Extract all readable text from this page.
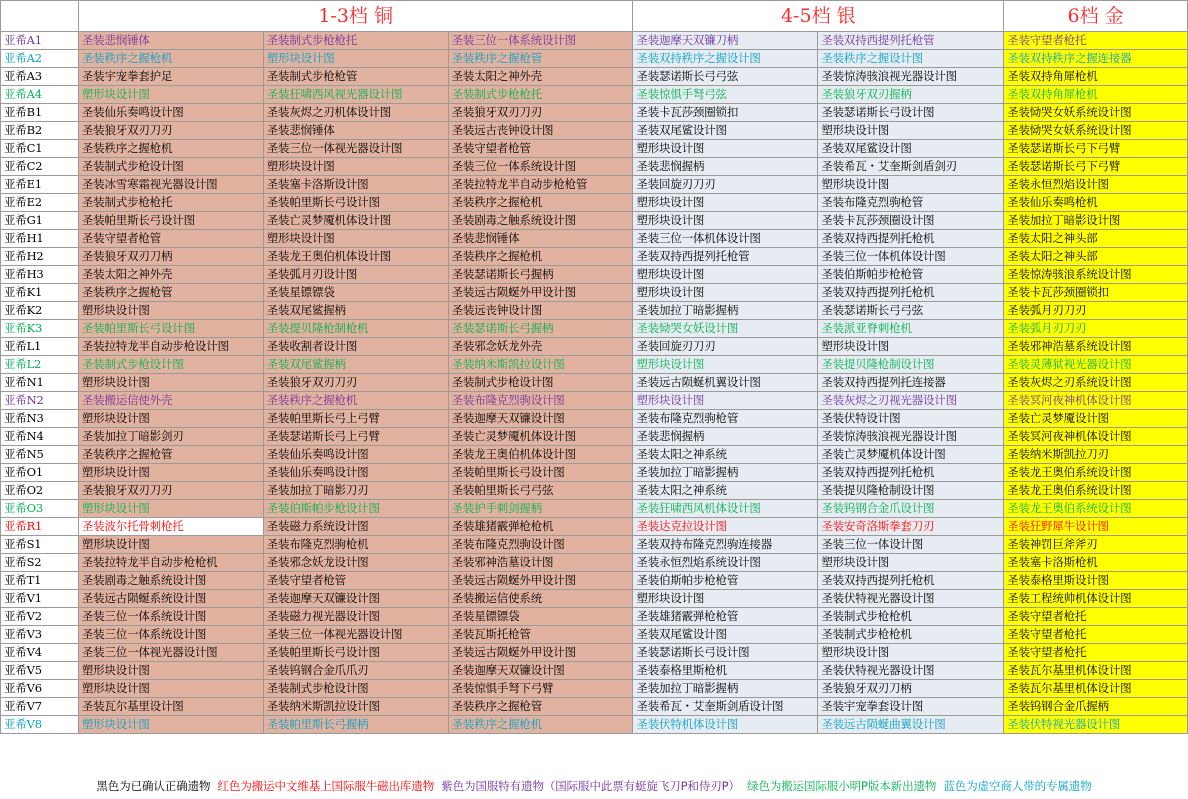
	1-3档 铜			4-5档 银		6档 金
亚希A1	圣装悲悯锤体	圣装制式步枪枪托	圣装三位一体系统设计图	圣装迦摩天双镰刀柄	圣装双持西提列托枪管	圣装守望者枪托
亚希A2	圣装秩序之握枪机	塑形块设计图	圣装秩序之握枪管	圣装双持秩序之握设计图	圣装秩序之握设计图	圣装双持秩序之握连接器
亚希A3	圣装宇宠拳套护足	圣装制式步枪枪管	圣装太阳之神外壳	圣装瑟诺斯长弓弓弦	圣装惊涛骇浪视光器设计图	圣装双持角犀枪机
亚希A4	塑形块设计图	圣装狂啸西风视光器设计图	圣装制式步枪枪托	圣装惊惧手弩弓弦	圣装狼牙双刃握柄	圣装双持角犀枪机
亚希B1	圣装仙乐奏鸣设计图	圣装灰烬之刃机体设计图	圣装狼牙双刃刀刃	圣装卡瓦莎颈圈锁扣	圣装瑟诺斯长弓设计图	圣装恸哭女妖系统设计图
亚希B2	圣装狼牙双刃刀刃	圣装悲悯锤体	圣装远古丧钟设计图	圣装双尾鲨设计图	塑形块设计图	圣装恸哭女妖系统设计图
亚希C1	圣装秩序之握枪机	圣装三位一体视光器设计图	圣装守望者枪管	塑形块设计图	圣装双尾鲨设计图	圣装瑟诺斯长弓下弓臂
亚希C2	圣装制式步枪设计图	塑形块设计图	圣装三位一体系统设计图	圣装悲悯握柄	圣装希瓦・艾奎斯剑盾剑刃	圣装瑟诺斯长弓下弓臂
亚希E1	圣装冰雪寒霜视光器设计图	圣装塞卡洛斯设计图	圣装拉特龙半自动步枪枪管	圣装回旋刃刀刃	塑形块设计图	圣装永恒烈焰设计图
亚希E2	圣装制式步枪枪托	圣装帕里斯长弓设计图	圣装秩序之握枪机	塑形块设计图	圣装布隆克烈驹枪管	圣装仙乐奏鸣枪机
亚希G1	圣装帕里斯长弓设计图	圣装亡灵梦魇机体设计图	圣装剧毒之触系统设计图	塑形块设计图	圣装卡瓦莎颈圈设计图	圣装加拉丁暗影设计图
亚希H1	圣装守望者枪管	塑形块设计图	圣装悲悯锤体	圣装三位一体机体设计图	圣装双持西提列托枪机	圣装太阳之神头部
亚希H2	圣装狼牙双刃刀柄	圣装龙王奥伯机体设计图	圣装秩序之握枪机	圣装双持西提列托枪管	圣装三位一体机体设计图	圣装太阳之神头部
亚希H3	圣装太阳之神外壳	圣装弧月刃设计图	圣装瑟诺斯长弓握柄	塑形块设计图	圣装伯斯帕步枪枪管	圣装惊涛骇浪系统设计图
亚希K1	圣装秩序之握枪管	圣装星镖镖袋	圣装远古陨蜒外甲设计图	塑形块设计图	圣装双持西提列托枪机	圣装卡瓦莎颈圈锁扣
亚希K2	塑形块设计图	圣装双尾鲨握柄	圣装远丧钟设计图	圣装加拉丁暗影握柄	圣装瑟诺斯长弓弓弦	圣装弧月刃刀刃
亚希K3	圣装帕里斯长弓设计图	圣装提贝隆枪制枪机	圣装瑟诺斯长弓握柄	圣装恸哭女妖设计图	圣装派亚脊刺枪机	圣装弧月刃刀刃
亚希L1	圣装拉特龙半自动步枪设计图	圣装收割者设计图	圣装邪念妖龙外壳	圣装回旋刃刀刃	塑形块设计图	圣装邪神浩墓系统设计图
亚希L2	圣装制式步枪设计图	圣装双尾鲨握柄	圣装纳米斯凯拉设计图	塑形块设计图	圣装提贝隆枪制设计图	圣装灵薄狱视光器设计图
亚希N1	塑形块设计图	圣装狼牙双刃刀刃	圣装制式步枪设计图	圣装远古陨蜒机翼设计图	圣装双持西提列托连接器	圣装灰烬之刃系统设计图
亚希N2	圣装搬运信使外壳	圣装秩序之握枪机	圣装布隆克烈驹设计图	塑形块设计图	圣装灰烬之刃视光器设计图	圣装冥河夜神机体设计图
亚希N3	塑形块设计图	圣装帕里斯长弓上弓臂	圣装迦摩天双镰设计图	圣装布隆克烈驹枪管	圣装伏特设计图	圣装亡灵梦魇设计图
亚希N4	圣装加拉丁暗影剑刃	圣装瑟诺斯长弓上弓臂	圣装亡灵梦魇机体设计图	圣装悲悯握柄	圣装惊涛骇浪视光器设计图	圣装冥河夜神机体设计图
亚希N5	圣装秩序之握枪管	圣装仙乐奏鸣设计图	圣装龙王奥伯机体设计图	圣装太阳之神系统	圣装亡灵梦魇机体设计图	圣装纳米斯凯拉刀刃
亚希O1	塑形块设计图	圣装仙乐奏鸣设计图	圣装帕里斯长弓设计图	圣装加拉丁暗影握柄	圣装双持西提列托枪机	圣装龙王奥伯系统设计图
亚希O2	圣装狼牙双刃刀刃	圣装加拉丁暗影刀刃	圣装帕里斯长弓弓弦	圣装太阳之神系统	圣装提贝隆枪制设计图	圣装龙王奥伯系统设计图
亚希O3	塑形块设计图	圣装伯斯帕步枪设计图	圣装护手刺剑握柄	圣装狂啸西风机体设计图	圣装钨钢合金爪设计图	圣装龙王奥伯系统设计图
亚希R1	圣装波尔托骨刺枪托	圣装磁力系统设计图	圣装雄猪霰弹枪枪机	圣装达克拉设计图	圣装安奇洛斯拳套刀刃	圣装狂野犀牛设计图
亚希S1	塑形块设计图	圣装布隆克烈驹枪机	圣装布隆克烈驹设计图	圣装双持布隆克烈驹连接器	圣装三位一体设计图	圣装神罚巨斧斧刃
亚希S2	圣装拉特龙半自动步枪枪机	圣装邪念妖龙设计图	圣装邪神浩墓设计图	圣装永恒烈焰系统设计图	塑形块设计图	圣装塞卡洛斯枪机
亚希T1	圣装剧毒之触系统设计图	圣装守望者枪管	圣装远古陨蜒外甲设计图	圣装伯斯帕步枪枪管	圣装双持西提列托枪机	圣装泰格里斯设计图
亚希V1	圣装远古陨蜒系统设计图	圣装迦摩天双镰设计图	圣装搬运信使系统	塑形块设计图	圣装伏特视光器设计图	圣装工程统帅机体设计图
亚希V2	圣装三位一体系统设计图	圣装磁力视光器设计图	圣装星镖镖袋	圣装雄猪霰弹枪枪管	圣装制式步枪枪机	圣装守望者枪托
亚希V3	圣装三位一体系统设计图	圣装三位一体视光器设计图	圣装瓦斯托枪管	圣装双尾鲨设计图	圣装制式步枪枪机	圣装守望者枪托
亚希V4	圣装三位一体视光器设计图	圣装帕里斯长弓设计图	圣装远古陨蜒外甲设计图	圣装瑟诺斯长弓设计图	塑形块设计图	圣装守望者枪托
亚希V5	塑形块设计图	圣装钨钢合金爪爪刃	圣装迦摩天双镰设计图	圣装泰格里斯枪机	圣装伏特视光器设计图	圣装瓦尔基里机体设计图
亚希V6	塑形块设计图	圣装制式步枪设计图	圣装惊惧手弩下弓臂	圣装加拉丁暗影握柄	圣装狼牙双刃刀柄	圣装瓦尔基里机体设计图
亚希V7	圣装瓦尔基里设计图	圣装纳米斯凯拉设计图	圣装秩序之握枪管	圣装希瓦・艾奎斯剑盾设计图	圣装宇宠拳套设计图	圣装钨钢合金爪握柄
亚希V8	塑形块设计图	圣装帕里斯长弓握柄	圣装秩序之握枪机	圣装伏特机体设计图	圣装远古陨蜒曲翼设计图	圣装伏特视光器设计图
黑色为已确认正确遗物 红色为搬运中文维基上国际服牛磁出库遗物 紫色为国服特有遗物（国际服中此票有蜓旋飞刀P和侍刃P） 绿色为搬运国际服小明P版本新出遗物 蓝色为虚空商人带的专属遗物
